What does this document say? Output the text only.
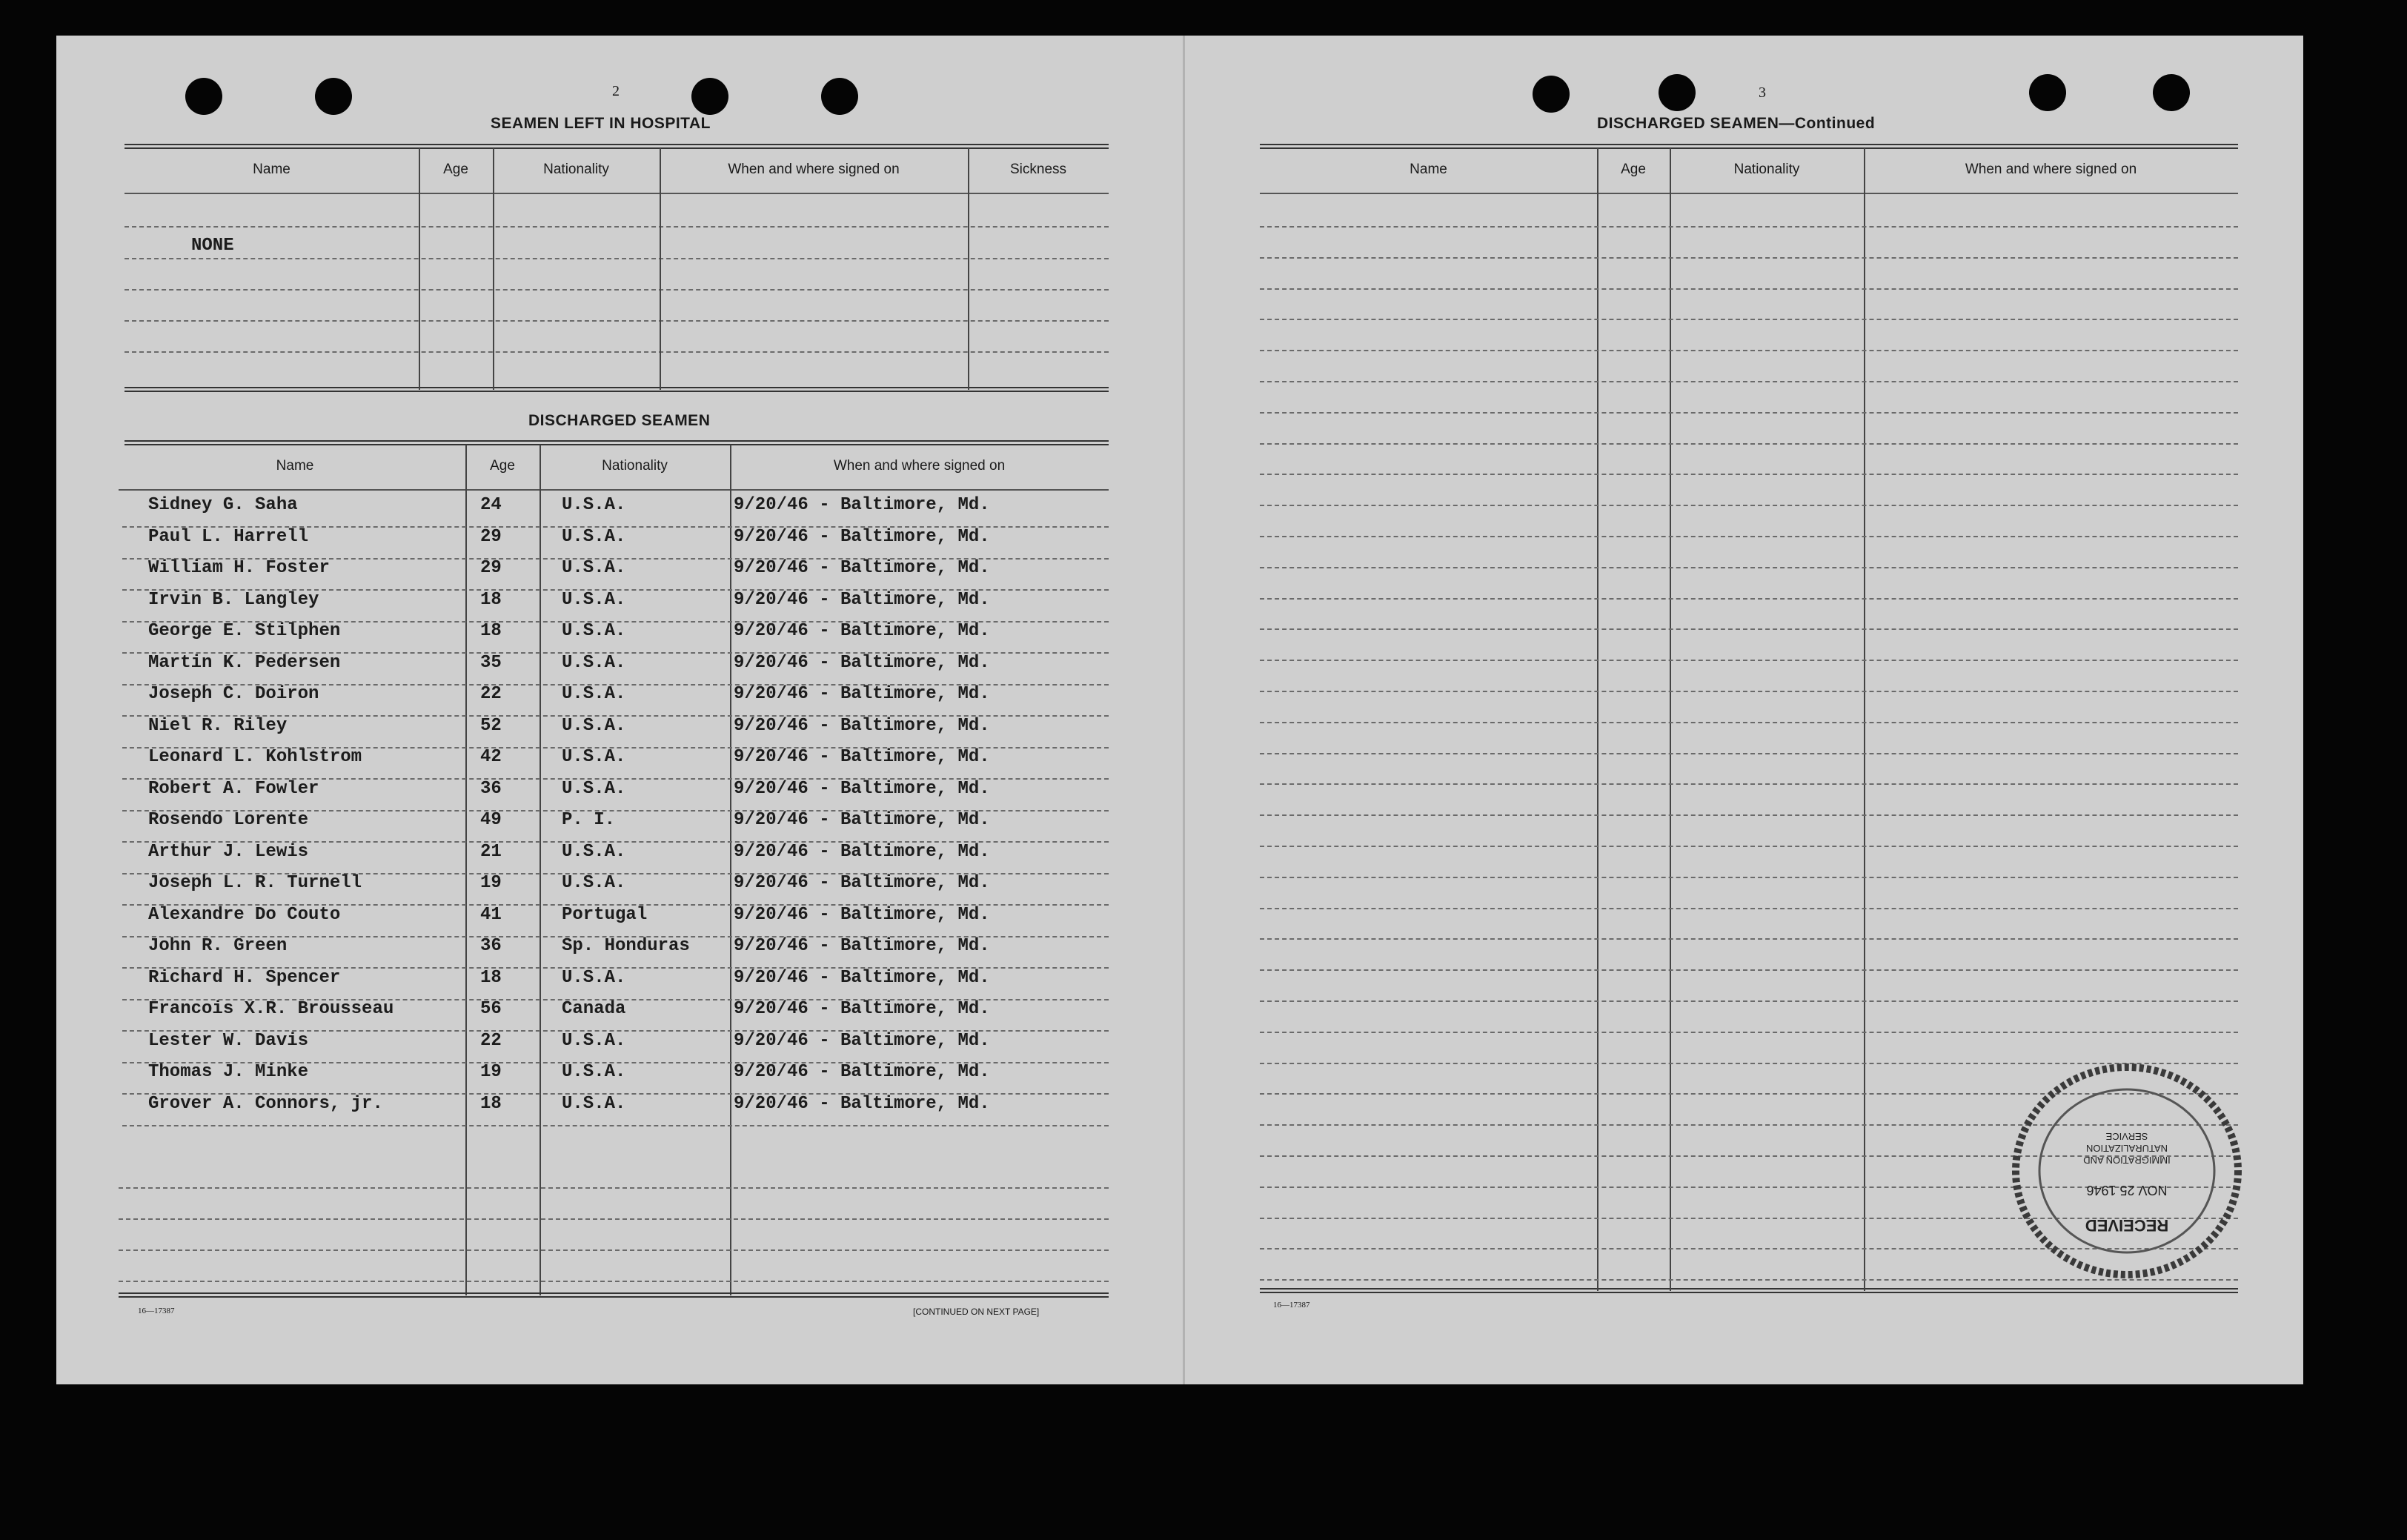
2
SEAMEN LEFT IN HOSPITAL
Name	Age	Nationality	When and where signed on	Sickness
NONE
DISCHARGED SEAMEN
Name	Age	Nationality	When and where signed on
Sidney G. Saha	24	U.S.A.	9/20/46 - Baltimore, Md.
Paul L. Harrell	29	U.S.A.	9/20/46 - Baltimore, Md.
William H. Foster	29	U.S.A.	9/20/46 - Baltimore, Md.
Irvin B. Langley	18	U.S.A.	9/20/46 - Baltimore, Md.
George E. Stilphen	18	U.S.A.	9/20/46 - Baltimore, Md.
Martin K. Pedersen	35	U.S.A.	9/20/46 - Baltimore, Md.
Joseph C. Doiron	22	U.S.A.	9/20/46 - Baltimore, Md.
Niel R. Riley	52	U.S.A.	9/20/46 - Baltimore, Md.
Leonard L. Kohlstrom	42	U.S.A.	9/20/46 - Baltimore, Md.
Robert A. Fowler	36	U.S.A.	9/20/46 - Baltimore, Md.
Rosendo Lorente	49	P. I.	9/20/46 - Baltimore, Md.
Arthur J. Lewis	21	U.S.A.	9/20/46 - Baltimore, Md.
Joseph L. R. Turnell	19	U.S.A.	9/20/46 - Baltimore, Md.
Alexandre Do Couto	41	Portugal	9/20/46 - Baltimore, Md.
John R. Green	36	Sp. Honduras 9/20/46 - Baltimore, Md.
Richard H. Spencer	18	U.S.A.	9/20/46 - Baltimore, Md.
Francois X.R. Brousseau	56	Canada	9/20/46 - Baltimore, Md.
Lester W. Davis	22	U.S.A.	9/20/46 - Baltimore, Md.
Thomas J. Minke	19	U.S.A.	9/20/46 - Baltimore, Md.
Grover A. Connors, jr.	18	U.S.A.	9/20/46 - Baltimore, Md.
16—17387	[CONTINUED ON NEXT PAGE]
3
DISCHARGED SEAMEN—Continued
Name	Age	Nationality	When and where signed on
16—17387
RECEIVED
NOV 25 1946
IMMIGRATION AND NATURALIZATION SERVICE
